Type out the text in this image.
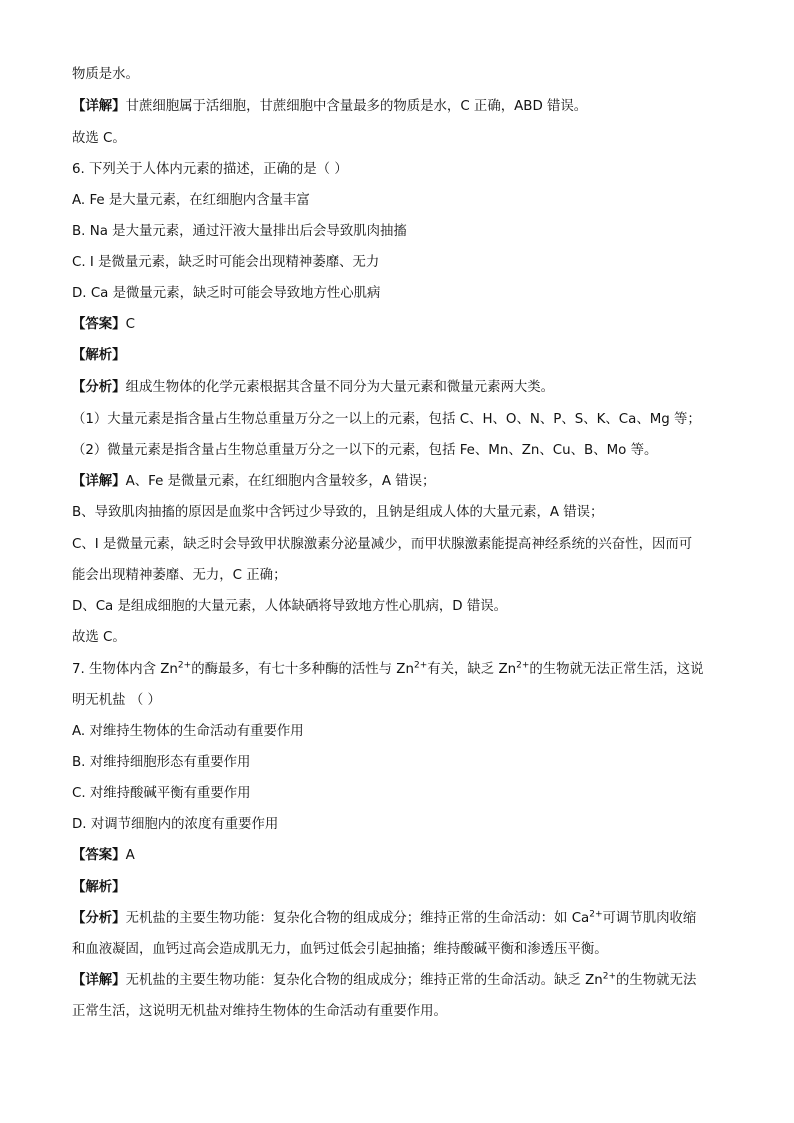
物质是水。
【详解】甘蔗细胞属于活细胞，甘蔗细胞中含量最多的物质是水，C 正确，ABD 错误。
故选 C。
6. 下列关于人体内元素的描述，正确的是（ ）
A. Fe 是大量元素，在红细胞内含量丰富
B. Na 是大量元素，通过汗液大量排出后会导致肌肉抽搐
C. I 是微量元素，缺乏时可能会出现精神萎靡、无力
D. Ca 是微量元素，缺乏时可能会导致地方性心肌病
【答案】C
【解析】
【分析】组成生物体的化学元素根据其含量不同分为大量元素和微量元素两大类。
（1）大量元素是指含量占生物总重量万分之一以上的元素，包括 C、H、O、N、P、S、K、Ca、Mg 等；
（2）微量元素是指含量占生物总重量万分之一以下的元素，包括 Fe、Mn、Zn、Cu、B、Mo 等。
【详解】A、Fe 是微量元素，在红细胞内含量较多，A 错误；
B、导致肌肉抽搐的原因是血浆中含钙过少导致的，且钠是组成人体的大量元素，A 错误；
C、I 是微量元素，缺乏时会导致甲状腺激素分泌量减少，而甲状腺激素能提高神经系统的兴奋性，因而可
能会出现精神萎靡、无力，C 正确；
D、Ca 是组成细胞的大量元素，人体缺硒将导致地方性心肌病，D 错误。
故选 C。
7. 生物体内含 $Zn^{2+}$的酶最多，有七十多种酶的活性与 $Zn^{2+}$有关，缺乏 $Zn^{2+}$的生物就无法正常生活，这说
明无机盐 （ ）
A. 对维持生物体的生命活动有重要作用
B. 对维持细胞形态有重要作用
C. 对维持酸碱平衡有重要作用
D. 对调节细胞内的浓度有重要作用
【答案】A
【解析】
【分析】无机盐的主要生物功能：复杂化合物的组成成分；维持正常的生命活动：如 $Ca^{2+}$可调节肌肉收缩
和血液凝固，血钙过高会造成肌无力，血钙过低会引起抽搐；维持酸碱平衡和渗透压平衡。
【详解】无机盐的主要生物功能：复杂化合物的组成成分；维持正常的生命活动。缺乏 $Zn^{2+}$的生物就无法
正常生活，这说明无机盐对维持生物体的生命活动有重要作用。
